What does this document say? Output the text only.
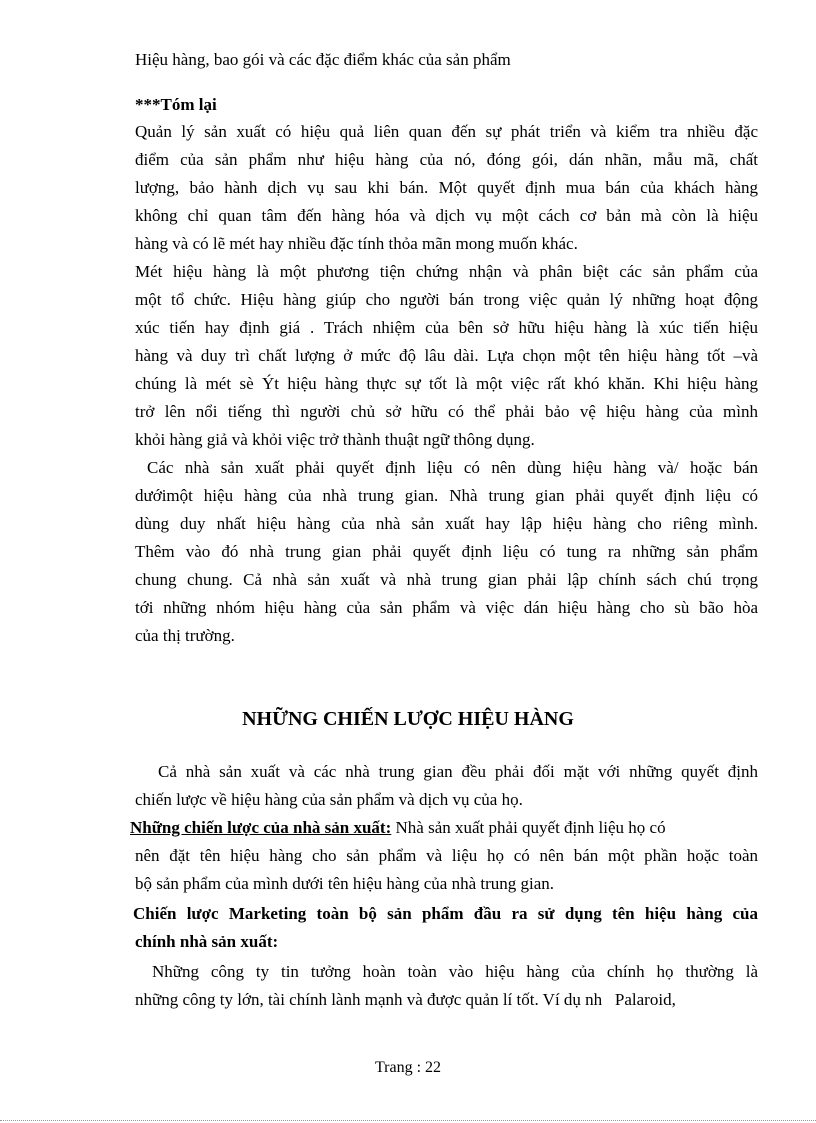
Hiệu hàng, bao gói và các đặc điểm khác của sản phẩm
***Tóm lại
Quản lý sản xuất có hiệu quả liên quan đến sự phát triển và kiểm tra nhiều đặc
điểm của sản phẩm như hiệu hàng của nó, đóng gói, dán nhãn, mẫu mã, chất
lượng, bảo hành dịch vụ sau khi bán. Một quyết định mua bán của khách hàng
không chỉ quan tâm đến hàng hóa và dịch vụ một cách cơ bản mà còn là hiệu
hàng và có lẽ mét hay nhiều đặc tính thỏa mãn mong muốn khác.
Mét hiệu hàng là một phương tiện chứng nhận và phân biệt các sản phẩm của
một tổ chức. Hiệu hàng giúp cho người bán trong việc quản lý những hoạt động
xúc tiến hay định giá . Trách nhiệm của bên sở hữu hiệu hàng là xúc tiến hiệu
hàng và duy trì chất lượng ở mức độ lâu dài. Lựa chọn một tên hiệu hàng tốt –và
chúng là mét sè Ýt hiệu hàng thực sự tốt là một việc rất khó khăn. Khi hiệu hàng
trở lên nổi tiếng thì người chủ sở hữu có thể phải bảo vệ hiệu hàng của mình
khỏi hàng giả và khỏi việc trở thành thuật ngữ thông dụng.
Các nhà sản xuất phải quyết định liệu có nên dùng hiệu hàng và/ hoặc bán
dướimột hiệu hàng của nhà trung gian. Nhà trung gian phải quyết định liệu có
dùng duy nhất hiệu hàng của nhà sản xuất hay lập hiệu hàng cho riêng mình.
Thêm vào đó nhà trung gian phải quyết định liệu có tung ra những sản phẩm
chung chung. Cả nhà sản xuất và nhà trung gian phải lập chính sách chú trọng
tới những nhóm hiệu hàng của sản phẩm và việc dán hiệu hàng cho sù bão hòa
của thị trường.
NHỮNG CHIẾN LƯỢC HIỆU HÀNG
Cả nhà sản xuất và các nhà trung gian đều phải đối mặt với những quyết định
chiến lược về hiệu hàng của sản phẩm và dịch vụ của họ.
Những chiến lược của nhà sản xuất: Nhà sản xuất phải quyết định liệu họ có
nên đặt tên hiệu hàng cho sản phẩm và liệu họ có nên bán một phần hoặc toàn
bộ sản phẩm của mình dưới tên hiệu hàng của nhà trung gian.
Chiến lược Marketing toàn bộ sản phẩm đầu ra sử dụng tên hiệu hàng của
chính nhà sản xuất:
Những công ty tin tưởng hoàn toàn vào hiệu hàng của chính họ thường là
những công ty lớn, tài chính lành mạnh và được quản lí tốt. Ví dụ nh   Palaroid,
Trang : 22
